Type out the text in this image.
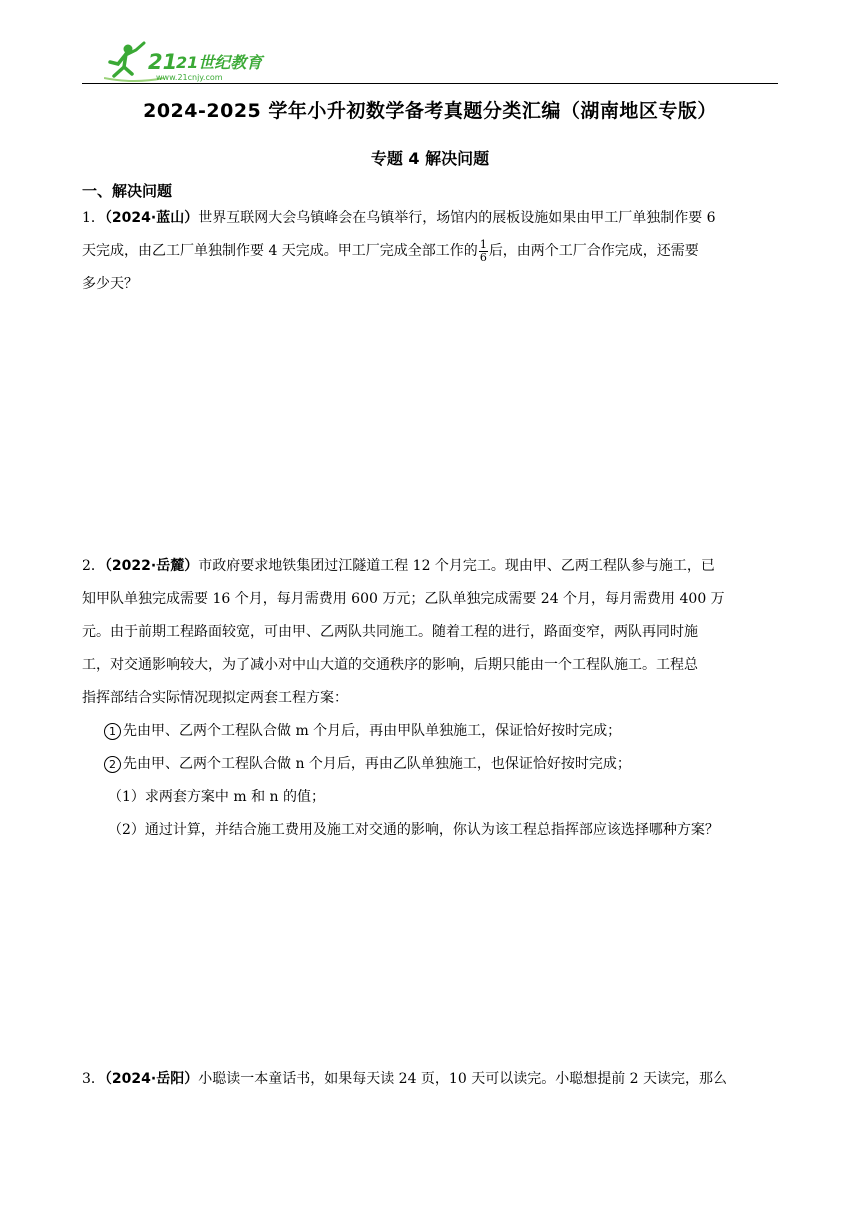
21
21世纪教育
www.21cnjy.com
2024-2025 学年小升初数学备考真题分类汇编（湖南地区专版）
专题 4 解决问题
一、解决问题
1．（2024·蓝山）世界互联网大会乌镇峰会在乌镇举行，场馆内的展板设施如果由甲工厂单独制作要 6
天完成，由乙工厂单独制作要 4 天完成。甲工厂完成全部工作的 $\frac{1}{6}$ 后，由两个工厂合作完成，还需要
多少天？
2．（2022·岳麓）市政府要求地铁集团过江隧道工程 12 个月完工。现由甲、乙两工程队参与施工，已
知甲队单独完成需要 16 个月，每月需费用 600 万元；乙队单独完成需要 24 个月，每月需费用 400 万
元。由于前期工程路面较宽，可由甲、乙两队共同施工。随着工程的进行，路面变窄，两队再同时施
工，对交通影响较大，为了减小对中山大道的交通秩序的影响，后期只能由一个工程队施工。工程总
指挥部结合实际情况现拟定两套工程方案：
1 先由甲、乙两个工程队合做 m 个月后，再由甲队单独施工，保证恰好按时完成；
2 先由甲、乙两个工程队合做 n 个月后，再由乙队单独施工，也保证恰好按时完成；
（1）求两套方案中 m 和 n 的值；
（2）通过计算，并结合施工费用及施工对交通的影响，你认为该工程总指挥部应该选择哪种方案？
3．（2024·岳阳）小聪读一本童话书，如果每天读 24 页，10 天可以读完。小聪想提前 2 天读完，那么
